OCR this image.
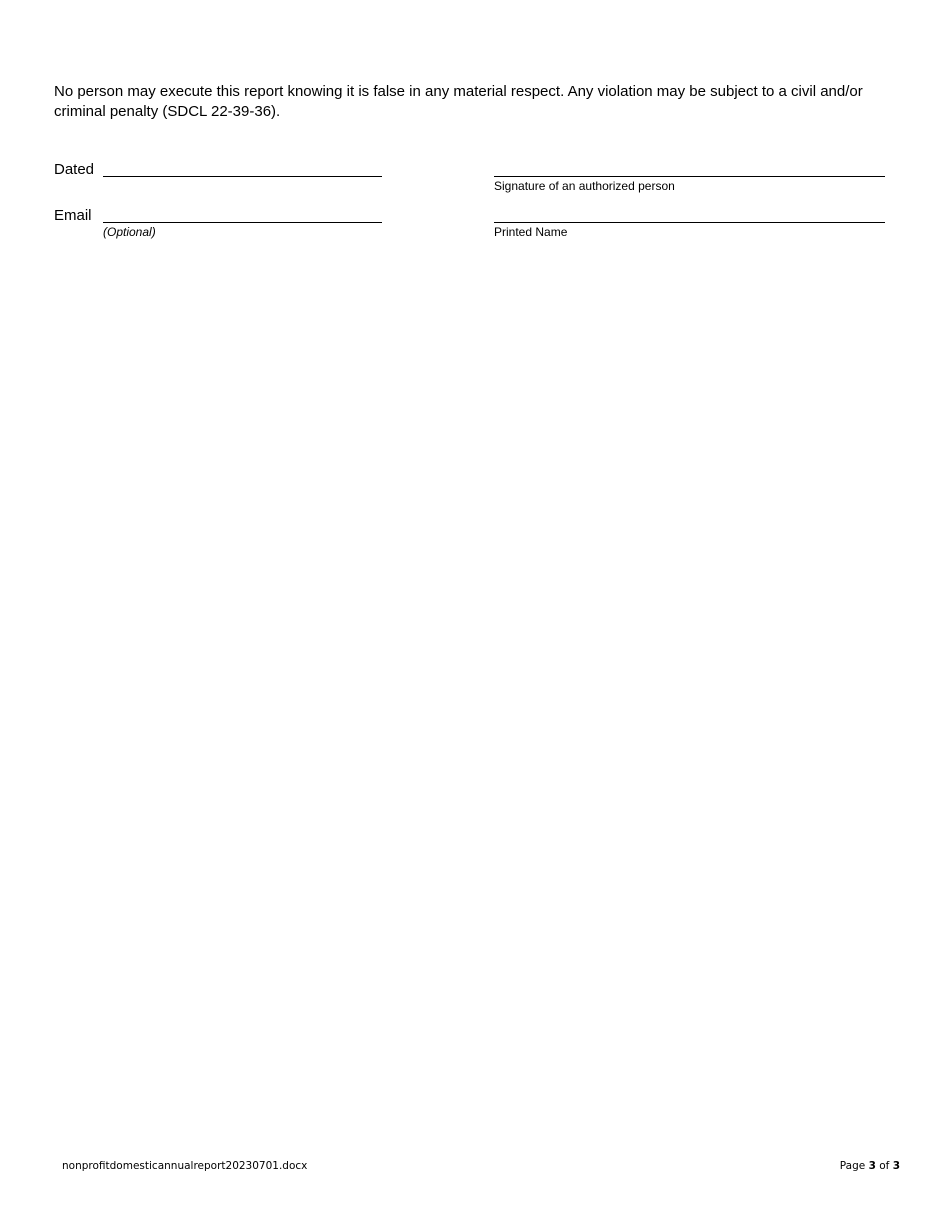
No person may execute this report knowing it is false in any material respect. Any violation may be subject to a civil and/or criminal penalty (SDCL 22-39-36).
Dated
Signature of an authorized person
Email
(Optional)	Printed Name
nonprofitdomesticannualreport20230701.docx	Page 3 of 3
